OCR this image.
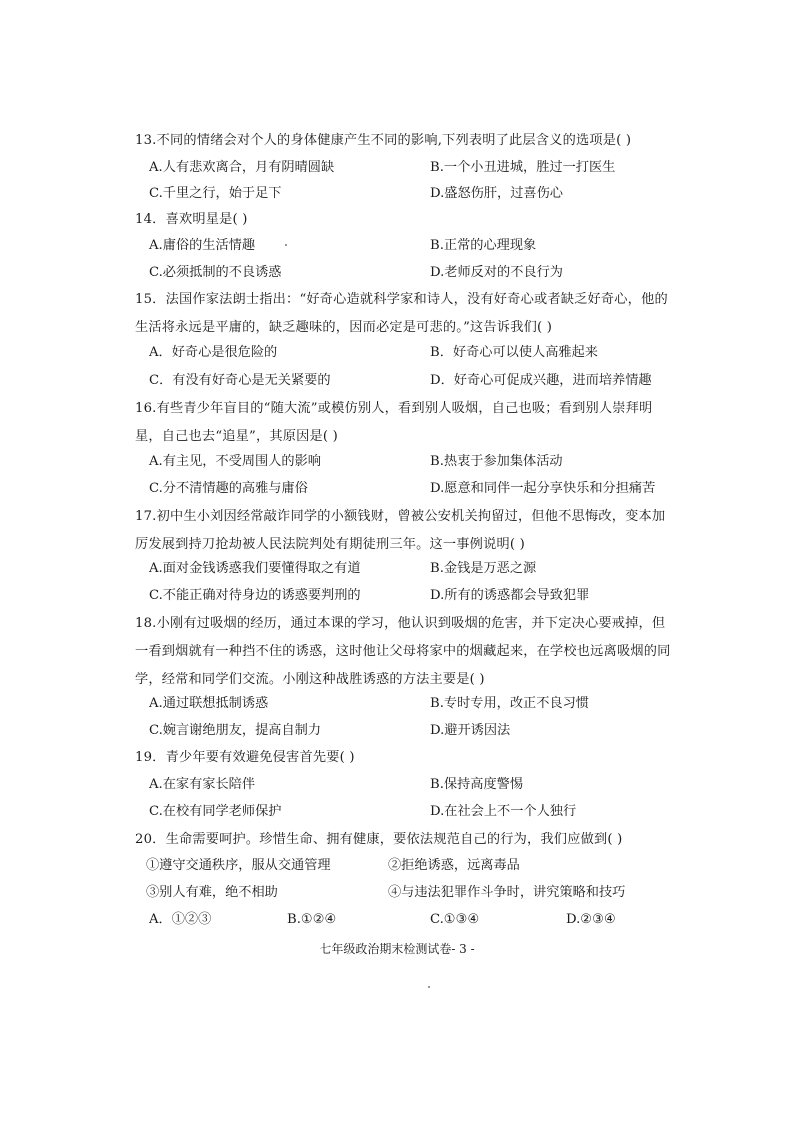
13.不同的情绪会对个人的身体健康产生不同的影响,下列表明了此层含义的选项是( )
A.人有悲欢离合，月有阴晴圆缺	B.一个小丑进城，胜过一打医生
C.千里之行，始于足下	D.盛怒伤肝，过喜伤心
14．喜欢明星是( )
A.庸俗的生活情趣	B.正常的心理现象
C.必须抵制的不良诱惑	D.老师反对的不良行为
15．法国作家法朗士指出：“好奇心造就科学家和诗人，没有好奇心或者缺乏好奇心，他的生活将永远是平庸的，缺乏趣味的，因而必定是可悲的。”这告诉我们( )
A．好奇心是很危险的	B．好奇心可以使人高雅起来
C．有没有好奇心是无关紧要的	D．好奇心可促成兴趣，进而培养情趣
16.有些青少年盲目的“随大流”或模仿别人，看到别人吸烟，自己也吸；看到别人崇拜明星，自己也去“追星”，其原因是( )
A.有主见，不受周围人的影响	B.热衷于参加集体活动
C.分不清情趣的高雅与庸俗	D.愿意和同伴一起分享快乐和分担痛苦
17.初中生小刘因经常敲诈同学的小额钱财，曾被公安机关拘留过，但他不思悔改，变本加厉发展到持刀抢劫被人民法院判处有期徒刑三年。这一事例说明( )
A.面对金钱诱惑我们要懂得取之有道	B.金钱是万恶之源
C.不能正确对待身边的诱惑要判刑的	D.所有的诱惑都会导致犯罪
18.小刚有过吸烟的经历，通过本课的学习，他认识到吸烟的危害，并下定决心要戒掉，但一看到烟就有一种挡不住的诱惑，这时他让父母将家中的烟藏起来，在学校也远离吸烟的同学，经常和同学们交流。小刚这种战胜诱惑的方法主要是( )
A.通过联想抵制诱惑	B.专时专用，改正不良习惯
C.婉言谢绝朋友，提高自制力	D.避开诱因法
19．青少年要有效避免侵害首先要( )
A.在家有家长陪伴	B.保持高度警惕
C.在校有同学老师保护	D.在社会上不一个人独行
20．生命需要呵护。珍惜生命、拥有健康，要依法规范自己的行为，我们应做到( )
①遵守交通秩序，服从交通管理	②拒绝诱惑，远离毒品
③别人有难，绝不相助	④与违法犯罪作斗争时，讲究策略和技巧
A．①②③	B.①②④	C.①③④	D.②③④
七年级政治期末检测试卷- 3 -
